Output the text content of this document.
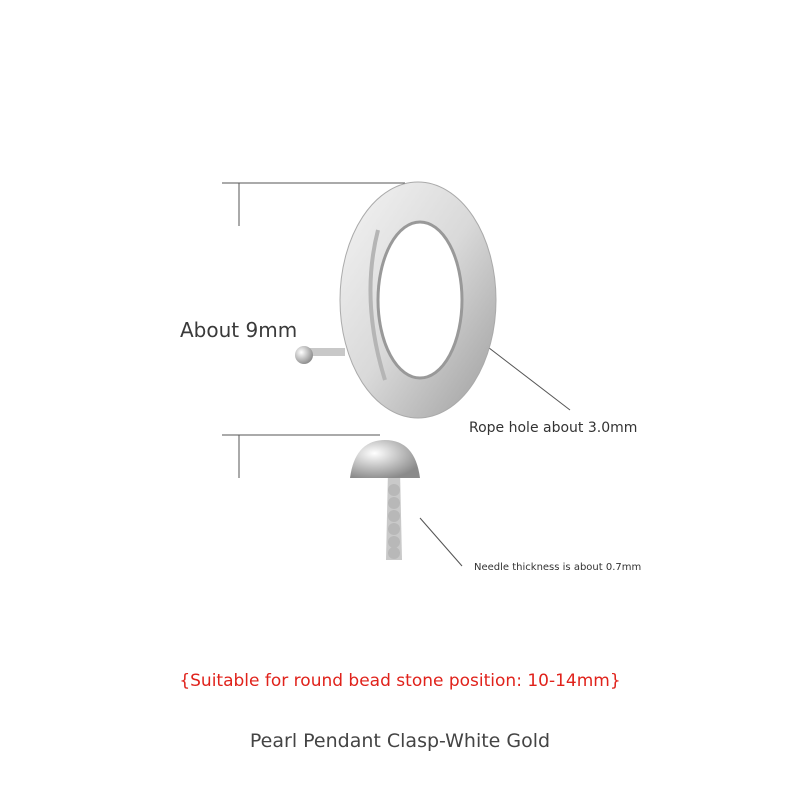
About 9mm
Rope hole about 3.0mm
Needle thickness is about 0.7mm
{Suitable for round bead stone position: 10-14mm}
Pearl Pendant Clasp-White Gold
